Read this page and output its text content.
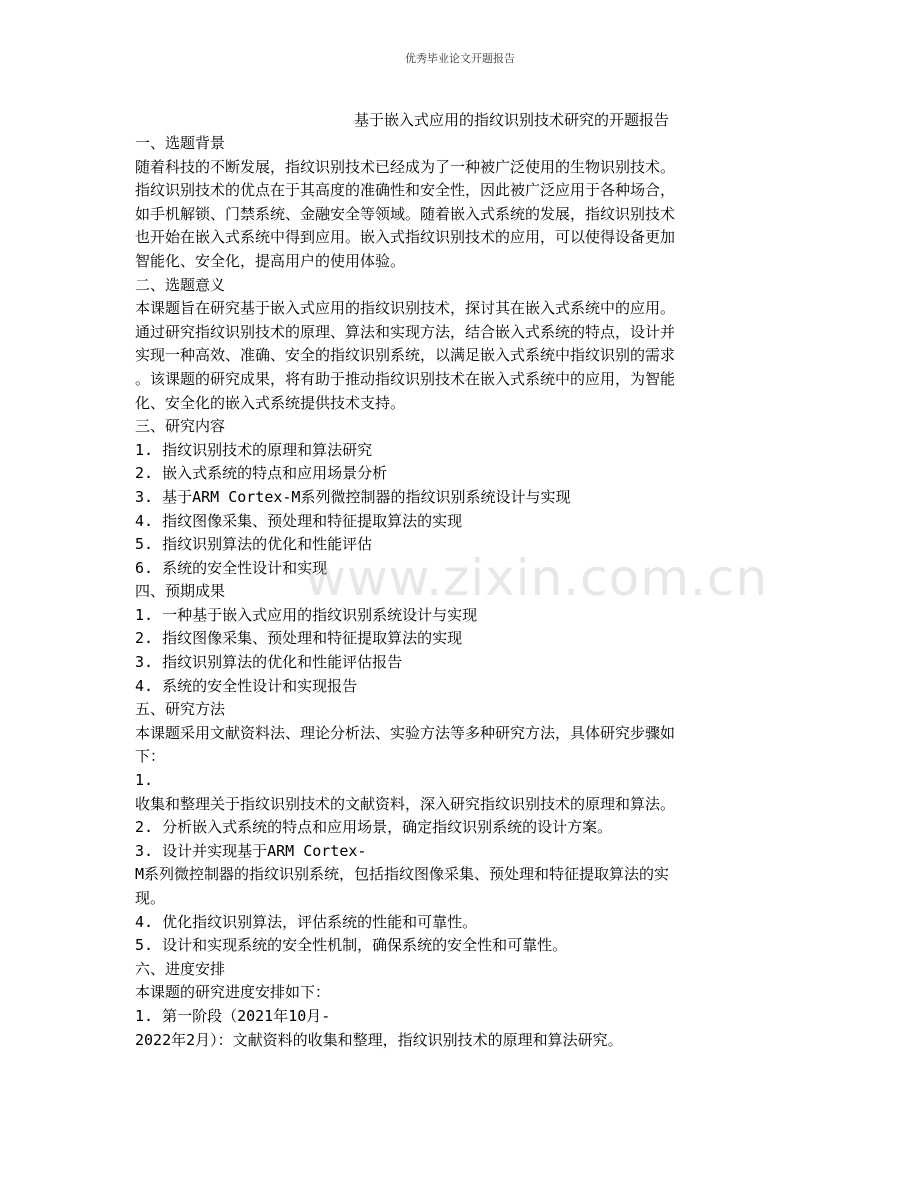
优秀毕业论文开题报告
基于嵌入式应用的指纹识别技术研究的开题报告
一、选题背景
随着科技的不断发展，指纹识别技术已经成为了一种被广泛使用的生物识别技术。
指纹识别技术的优点在于其高度的准确性和安全性，因此被广泛应用于各种场合，
如手机解锁、门禁系统、金融安全等领域。随着嵌入式系统的发展，指纹识别技术
也开始在嵌入式系统中得到应用。嵌入式指纹识别技术的应用，可以使得设备更加
智能化、安全化，提高用户的使用体验。
二、选题意义
本课题旨在研究基于嵌入式应用的指纹识别技术，探讨其在嵌入式系统中的应用。
通过研究指纹识别技术的原理、算法和实现方法，结合嵌入式系统的特点，设计并
实现一种高效、准确、安全的指纹识别系统，以满足嵌入式系统中指纹识别的需求
。该课题的研究成果，将有助于推动指纹识别技术在嵌入式系统中的应用，为智能
化、安全化的嵌入式系统提供技术支持。
三、研究内容
1. 指纹识别技术的原理和算法研究
2. 嵌入式系统的特点和应用场景分析
3. 基于ARM Cortex-M系列微控制器的指纹识别系统设计与实现
4. 指纹图像采集、预处理和特征提取算法的实现
5. 指纹识别算法的优化和性能评估
6. 系统的安全性设计和实现
四、预期成果
1. 一种基于嵌入式应用的指纹识别系统设计与实现
2. 指纹图像采集、预处理和特征提取算法的实现
3. 指纹识别算法的优化和性能评估报告
4. 系统的安全性设计和实现报告
五、研究方法
本课题采用文献资料法、理论分析法、实验方法等多种研究方法，具体研究步骤如
下：
1.
收集和整理关于指纹识别技术的文献资料，深入研究指纹识别技术的原理和算法。
2. 分析嵌入式系统的特点和应用场景，确定指纹识别系统的设计方案。
3. 设计并实现基于ARM Cortex-
M系列微控制器的指纹识别系统，包括指纹图像采集、预处理和特征提取算法的实
现。
4. 优化指纹识别算法，评估系统的性能和可靠性。
5. 设计和实现系统的安全性机制，确保系统的安全性和可靠性。
六、进度安排
本课题的研究进度安排如下：
1. 第一阶段（2021年10月-
2022年2月）：文献资料的收集和整理，指纹识别技术的原理和算法研究。
www.zixin.com.cn
